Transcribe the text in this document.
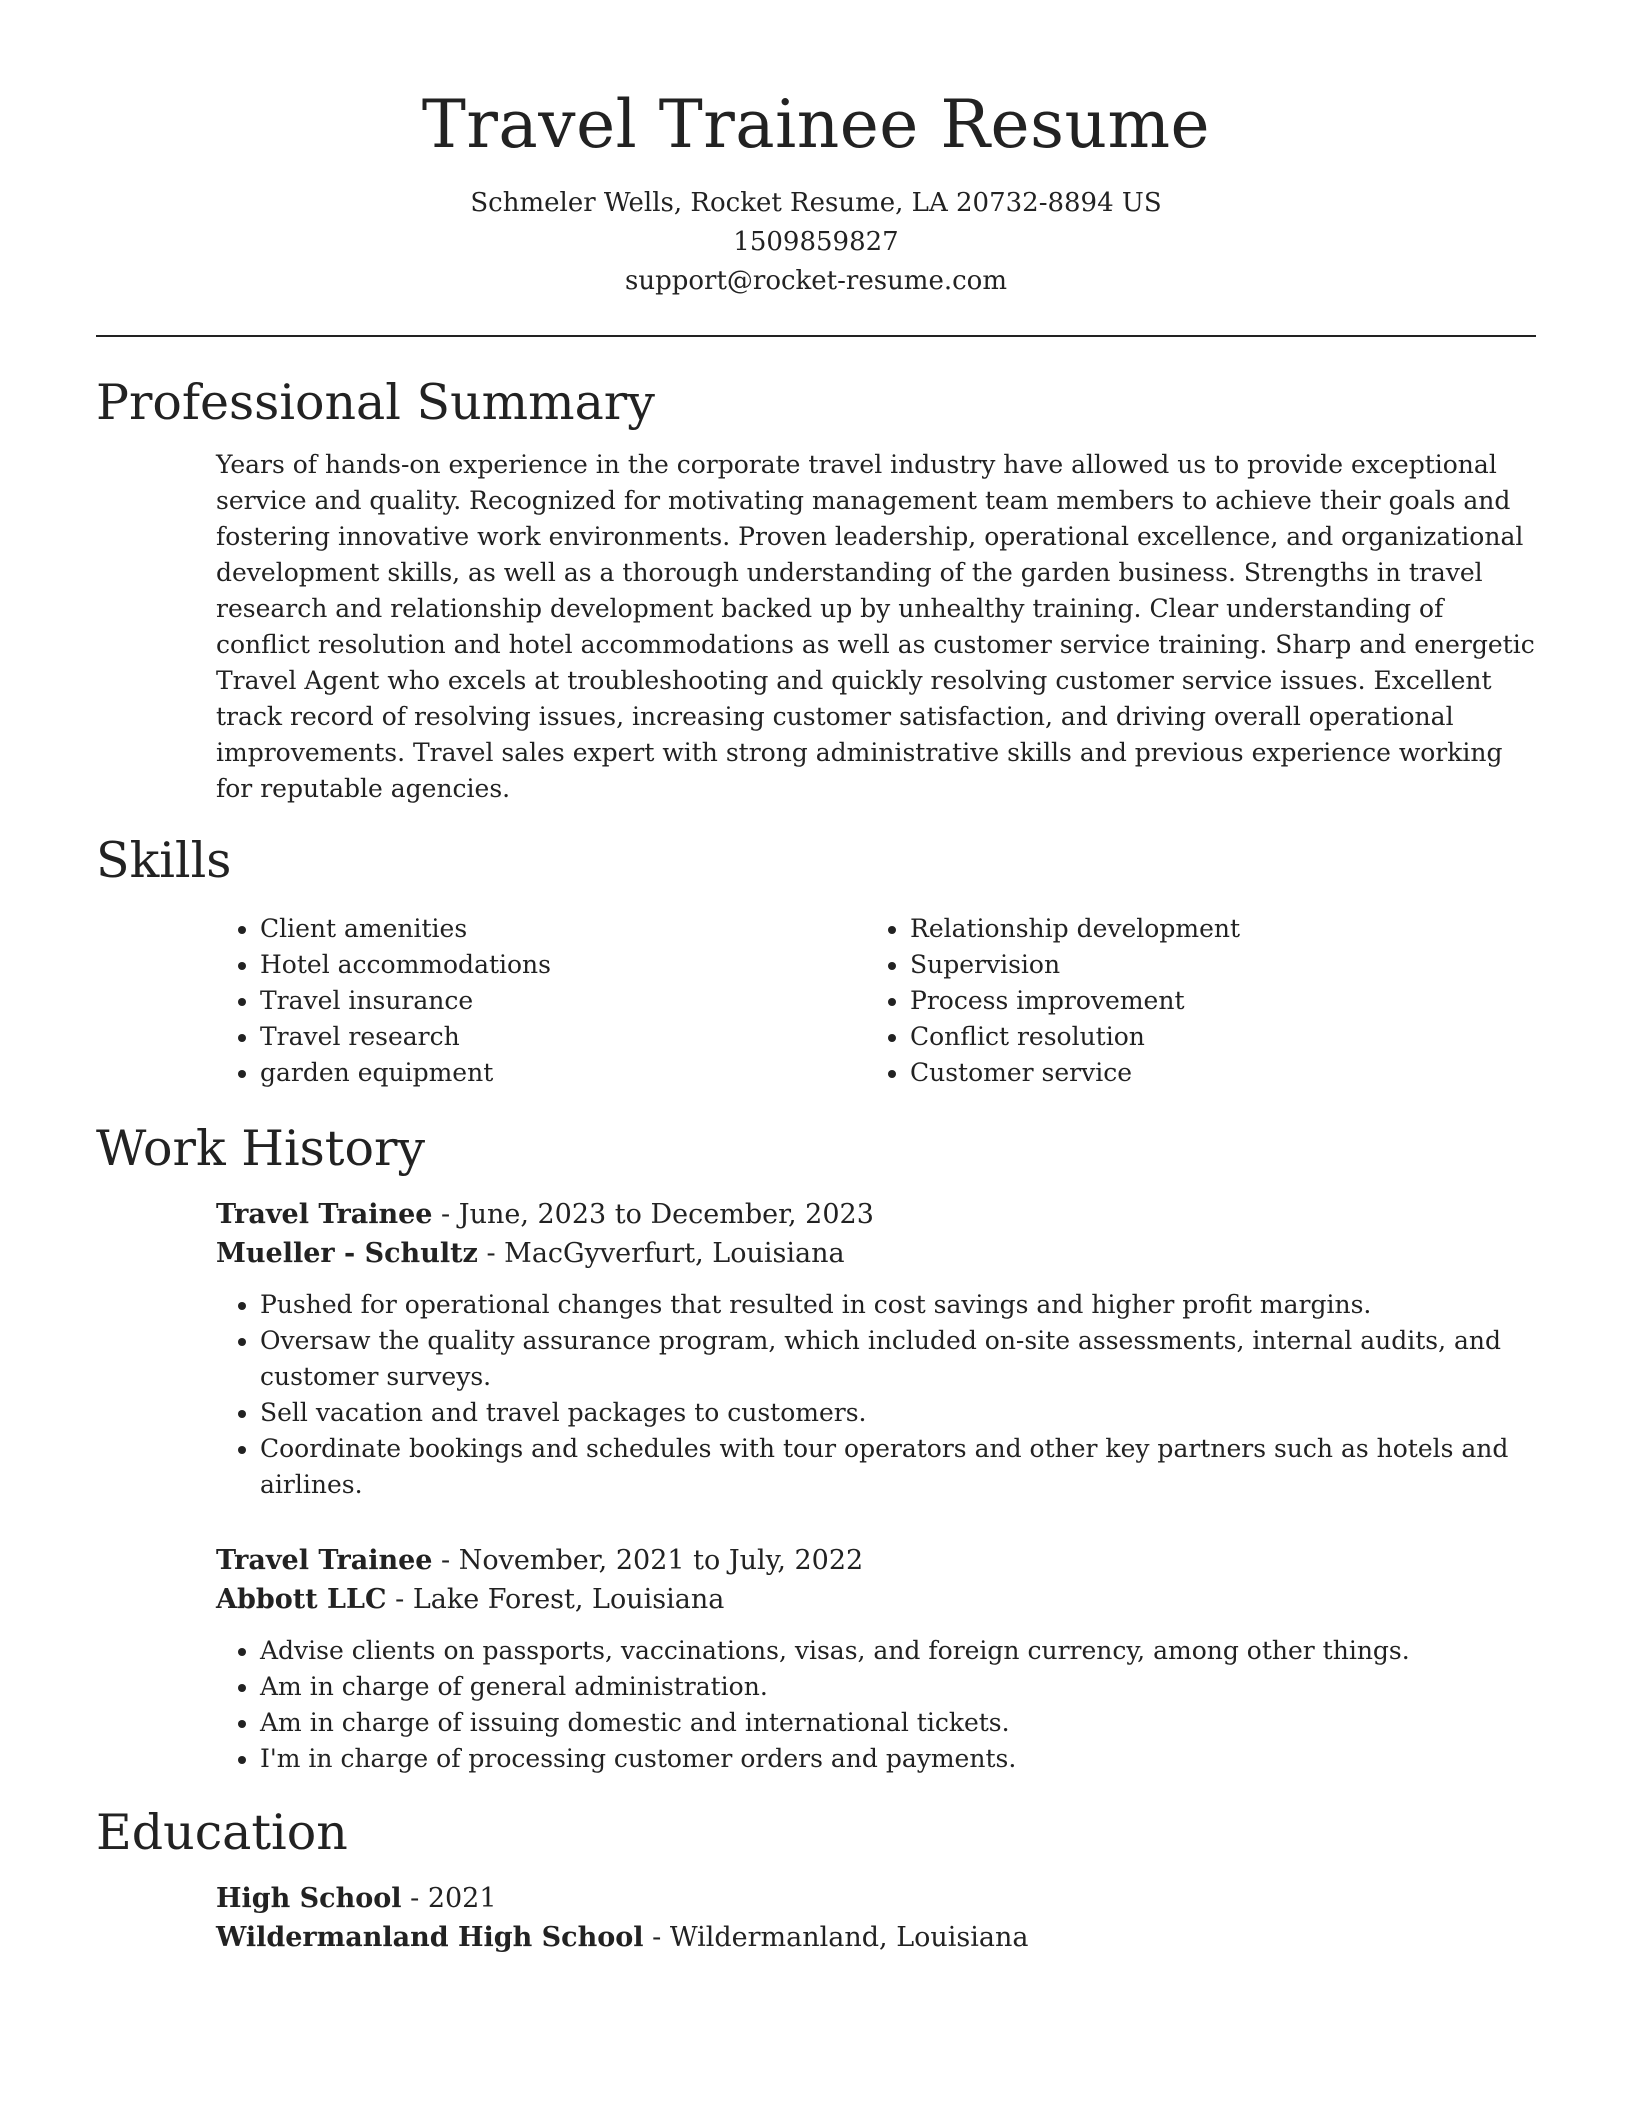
Travel Trainee Resume
Schmeler Wells, Rocket Resume, LA 20732-8894 US
1509859827
support@rocket-resume.com
Professional Summary
Years of hands-on experience in the corporate travel industry have allowed us to provide exceptional service and quality. Recognized for motivating management team members to achieve their goals and fostering innovative work environments. Proven leadership, operational excellence, and organizational development skills, as well as a thorough understanding of the garden business. Strengths in travel research and relationship development backed up by unhealthy training. Clear understanding of conflict resolution and hotel accommodations as well as customer service training. Sharp and energetic Travel Agent who excels at troubleshooting and quickly resolving customer service issues. Excellent track record of resolving issues, increasing customer satisfaction, and driving overall operational improvements. Travel sales expert with strong administrative skills and previous experience working for reputable agencies.
Skills
• Client amenities
• Hotel accommodations
• Travel insurance
• Travel research
• garden equipment
• Relationship development
• Supervision
• Process improvement
• Conflict resolution
• Customer service
Work History
Travel Trainee - June, 2023 to December, 2023
Mueller - Schultz - MacGyverfurt, Louisiana
• Pushed for operational changes that resulted in cost savings and higher profit margins.
• Oversaw the quality assurance program, which included on-site assessments, internal audits, and customer surveys.
• Sell vacation and travel packages to customers.
• Coordinate bookings and schedules with tour operators and other key partners such as hotels and airlines.
Travel Trainee - November, 2021 to July, 2022
Abbott LLC - Lake Forest, Louisiana
• Advise clients on passports, vaccinations, visas, and foreign currency, among other things.
• Am in charge of general administration.
• Am in charge of issuing domestic and international tickets.
• I'm in charge of processing customer orders and payments.
Education
High School - 2021
Wildermanland High School - Wildermanland, Louisiana
